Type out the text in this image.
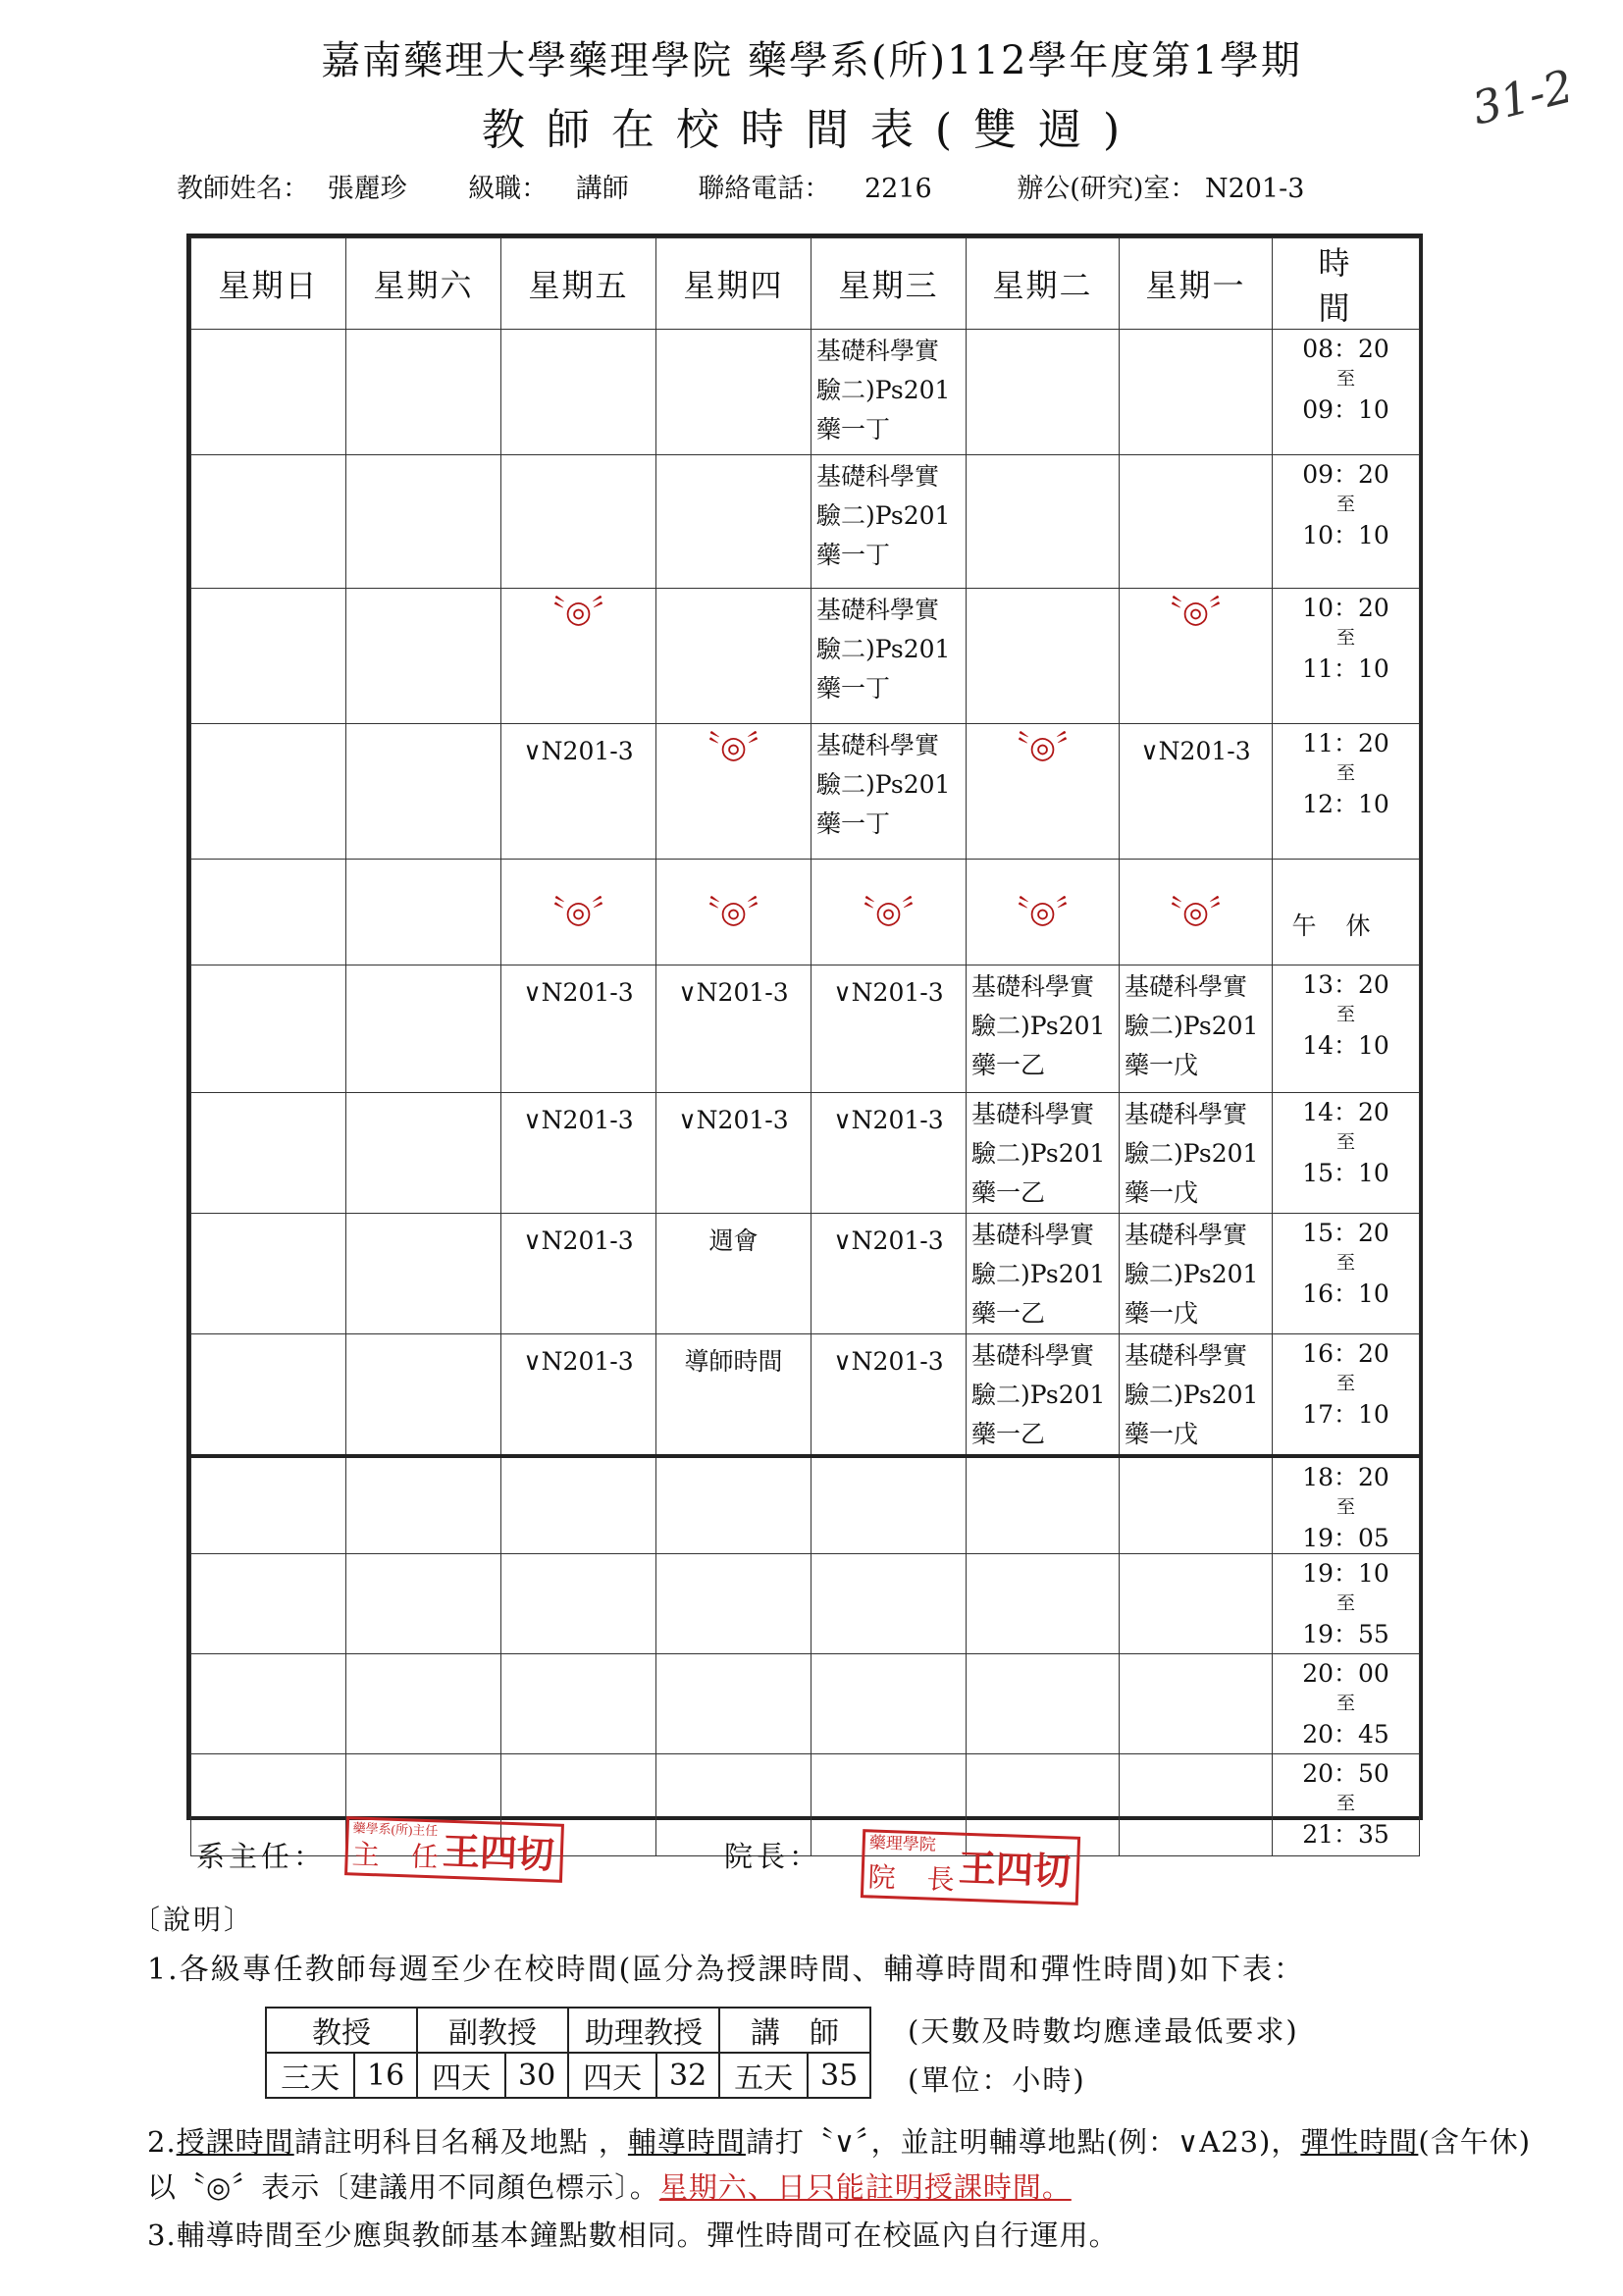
嘉南藥理大學藥理學院 藥學系(所)112學年度第1學期
教師在校時間表(雙週)	31-2
教師姓名： 張麗珍 級職： 講師	聯絡電話： 2216	辦公(研究)室： N201-3
星期日	星期六	星期五	星期四	星期三	星期二	星期一	時　間
				基礎科學實
驗二)Ps201
藥一丁			08：20
至
09：10

				基礎科學實
驗二)Ps201
藥一丁			09：20
至
10：10

		〝◎〞		基礎科學實
驗二)Ps201
藥一丁		〝◎〞	10：20
至
11：10

		∨N201-3	〝◎〞	基礎科學實
驗二)Ps201
藥一丁	〝◎〞	∨N201-3	11：20
至
12：10

		〝◎〞	〝◎〞	〝◎〞	〝◎〞	〝◎〞	午休
		∨N201-3	∨N201-3	∨N201-3	基礎科學實
驗二)Ps201
藥一乙	基礎科學實
驗二)Ps201
藥一戊	13：20
至
14：10

		∨N201-3	∨N201-3	∨N201-3	基礎科學實
驗二)Ps201
藥一乙	基礎科學實
驗二)Ps201
藥一戊	14：20
至
15：10

		∨N201-3	週會	∨N201-3	基礎科學實
驗二)Ps201
藥一乙	基礎科學實
驗二)Ps201
藥一戊	15：20
至
16：10

		∨N201-3	導師時間	∨N201-3	基礎科學實
驗二)Ps201
藥一乙	基礎科學實
驗二)Ps201
藥一戊	16：20
至
17：10

							18：20
至
19：05

							19：10
至
19：55

							20：00
至
20：45

							20：50
至
21：35
系主任：
藥學系(所)主任
主　任 王四切	院長：	藥理學院
院　長 王四切
〔說明〕
1.各級專任教師每週至少在校時間(區分為授課時間、輔導時間和彈性時間)如下表：
教授		副教授		助理教授		講　師	
三天	16	四天	30	四天	32	五天	35
(天數及時數均應達最低要求)
(單位：小時)
2.授課時間請註明科目名稱及地點 ，輔導時間請打〝∨〞，並註明輔導地點(例：∨A23)，彈性時間(含午休)以〝◎〞表示〔建議用不同顏色標示〕。星期六、日只能註明授課時間。
3.輔導時間至少應與教師基本鐘點數相同。彈性時間可在校區內自行運用。
